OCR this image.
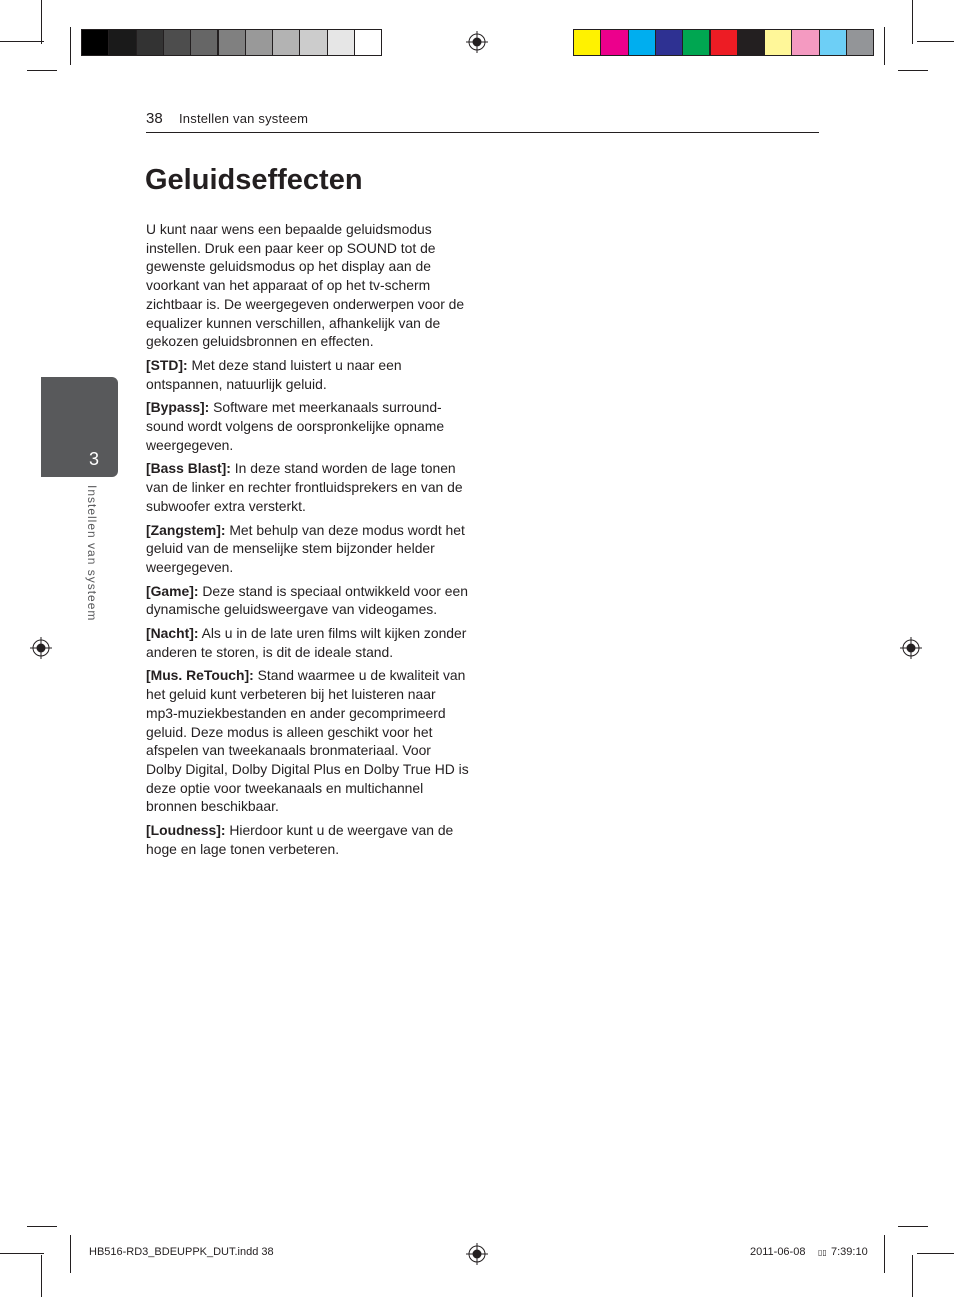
38 Instellen van systeem
Geluidseffecten

U kunt naar wens een bepaalde geluidsmodus instellen. Druk een paar keer op SOUND tot de gewenste geluidsmodus op het display aan de voorkant van het apparaat of op het tv-scherm zichtbaar is. De weergegeven onderwerpen voor de equalizer kunnen verschillen, afhankelijk van de gekozen geluidsbronnen en effecten.

[STD]: Met deze stand luistert u naar een ontspannen, natuurlijk geluid.

[Bypass]: Software met meerkanaals surround-sound wordt volgens de oorspronkelijke opname weergegeven.

[Bass Blast]: In deze stand worden de lage tonen van de linker en rechter frontluidsprekers en van de subwoofer extra versterkt.

[Zangstem]: Met behulp van deze modus wordt het geluid van de menselijke stem bijzonder helder weergegeven.

[Game]: Deze stand is speciaal ontwikkeld voor een dynamische geluidsweergave van videogames.

[Nacht]: Als u in de late uren films wilt kijken zonder anderen te storen, is dit de ideale stand.

[Mus. ReTouch]: Stand waarmee u de kwaliteit van het geluid kunt verbeteren bij het luisteren naar mp3-muziekbestanden en ander gecomprimeerd geluid. Deze modus is alleen geschikt voor het afspelen van tweekanaals bronmateriaal. Voor Dolby Digital, Dolby Digital Plus en Dolby True HD is deze optie voor tweekanaals en multichannel bronnen beschikbaar.

[Loudness]: Hierdoor kunt u de weergave van de hoge en lage tonen verbeteren.

3
Instellen van systeem
HB516-RD3_BDEUPPK_DUT.indd 38	2011-06-08 ▯▯ 7:39:10
